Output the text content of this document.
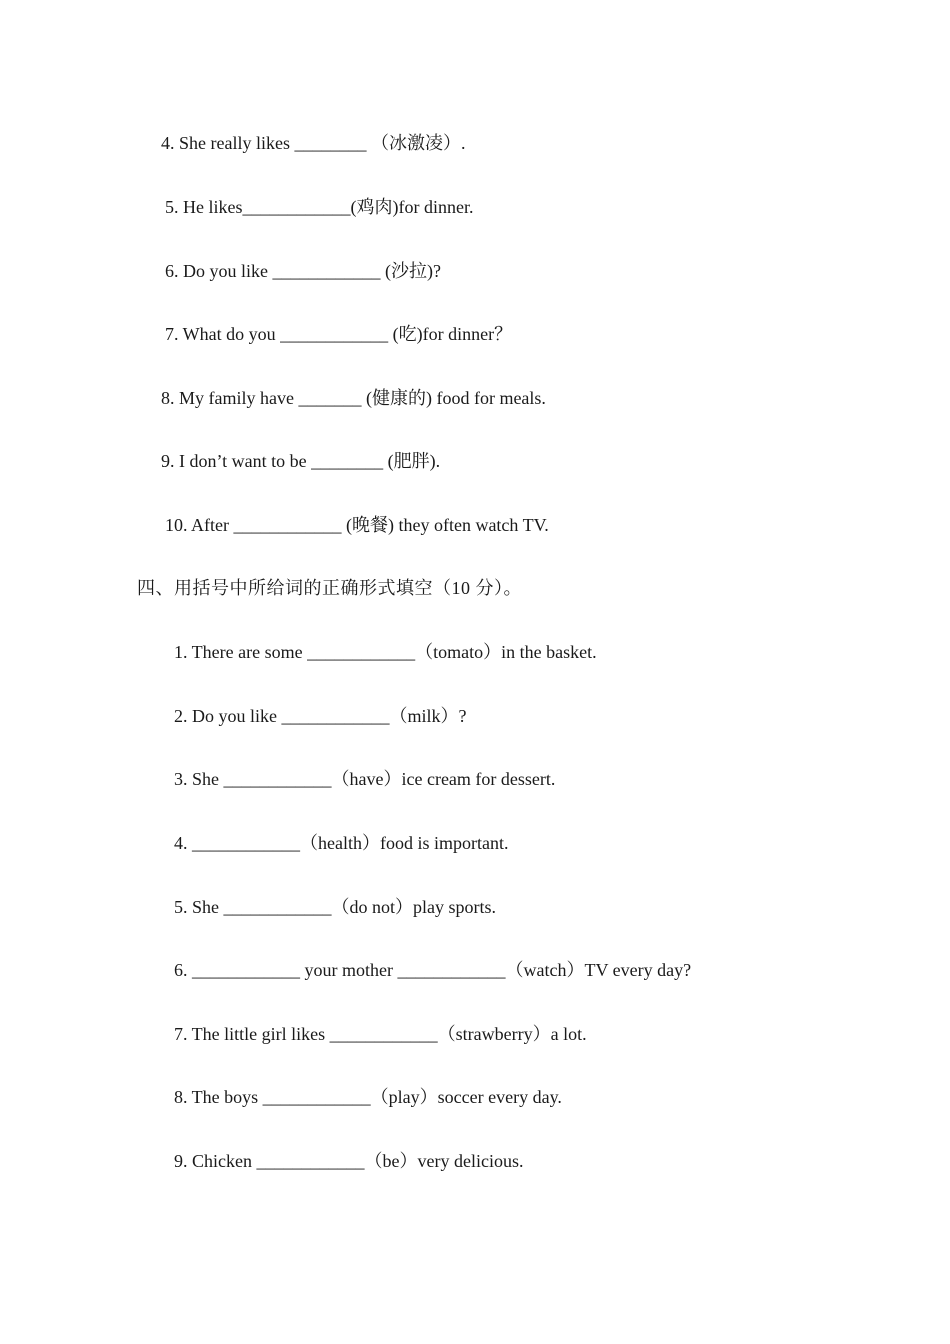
4. She really likes ________ （冰激凌）.
5. He likes____________(鸡肉)for dinner.
6. Do you like ____________ (沙拉)?
7. What do you ____________ (吃)for dinner？
8. My family have _______ (健康的) food for meals.
9. I don’t want to be ________ (肥胖).
10. After ____________ (晚餐) they often watch TV.
四、用括号中所给词的正确形式填空（10 分）。
1. There are some ____________（tomato）in the basket.
2. Do you like ____________（milk）?
3. She ____________（have）ice cream for dessert.
4. ____________（health）food is important.
5. She ____________（do not）play sports.
6. ____________ your mother ____________（watch）TV every day?
7. The little girl likes ____________（strawberry）a lot.
8. The boys ____________（play）soccer every day.
9. Chicken ____________（be）very delicious.
